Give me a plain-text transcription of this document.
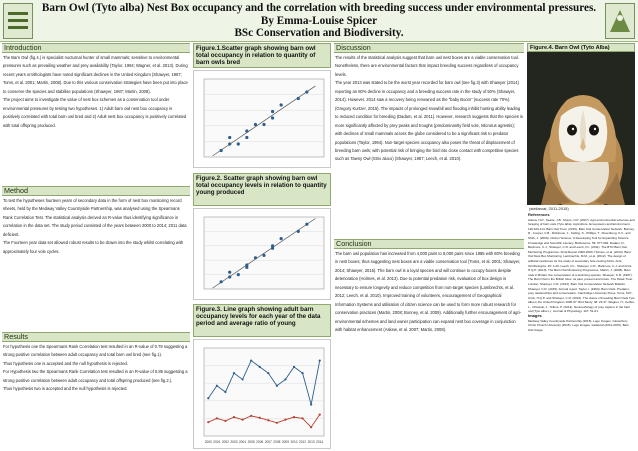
Barn Owl (Tyto alba) Nest Box occupancy and the correlation with breeding success under environmental pressures.
By Emma-Louise Spicer
BSc Conservation and Biodiversity.
Introduction

The Barn Owl (fig.4.) is specialist nocturnal hunter of small mammals; sensitive to environmental pressures such as prevailing weather and prey availability (Taylor, 1994; Wagner, et al. 2013). During recent years ornithologists have noted significant declines in the United Kingdom (Shawyer, 1987; Toms, et al. 2001; Martin, 2008). Due to this various conservation strategies have been put into place to conserve the species and stabilise populations (Shawyer, 1987; Martin, 2008).

The project aims to investigate the value of nest box schemes as a conservation tool under environmental pressures by testing two hypotheses. 1) Adult barn owl nest box occupancy is positively correlated with total barn owl bred and 2) Adult nest box occupancy is positively correlated with total offspring produced.

Method

To test the hypotheses fourteen years of secondary data in the form of nest box monitoring record sheets, held by the Medway Valley Countryside Partnership, was analysed using the Spearmans Rank Correlation Test. The statistical analysis derived an R-value thus identifying significance in correlation in the data set. The study period consisted of the years between 2000 to 2014; 2011 data deficient.

The Fourteen year data set allowed robust results to be drawn into the study whilst correlating with approximately four vole cycles.

Results

For hypothesis one the Spearmans Rank Correlation test resulted in an R-value of 0.79 suggesting a strong positive correlation between adult occupancy and total barn owl bred (see fig.1).

Thus hypothesis one is accepted and the null hypothesis is rejected.

For Hypothesis two the Spearmans Rank Correlation test resulted in an R-value of 0.85 suggesting a strong positive correlation between adult occupancy and total offspring produced (see fig.2.).

Thus hypothesis two is accepted and the null hypothesis is rejected.

Figure.1.Scatter graph showing barn owl total occupancy in relation to quantity of barn owls bred
Figure.2. Scatter graph showing barn owl total occupancy levels in relation to quantity young produced
Figure.3. Line graph showing adult barn occupancy levels for each year of the data period and average ratio of young
2000 2001 2002 2003 2004 2005 2006 2007 2008 2009 2010 2012 2013 2014
Discussion

The results of the statistical analysis suggest that barn owl nest boxes are a viable conservation tool. Nonetheless, there are environmental factors that impact breeding success regardless of occupancy levels.

The year 2013 was stated to be the worst year recorded for barn owl (see fig.3) with Shawyer (2014) reporting an 80% decline in occupancy and a breeding success rate in the study of 50% (Shawyer, 2014). However, 2014 saw a recovery being renowned as the "baby Boom" (success rate 70%). (Gregory Kurtzer, 2015). The impacts of prolonged snowfall and flooding inhibit hunting ability leading to reduced condition for breeding (Dadam, et al. 2011). However, research suggests that the species is more significantly affected by prey peaks and troughs (predominantly field vole, Microtus agrestis); with declines of small mammals across the globe considered to be a significant risk to predator populations (Taylor, 1994). Non-target species occupancy also poses the threat of displacement of breeding barn owls; with potential risk of bringing the bird into close contact with competitive species such as Tawny Owl (Strix aluco) (Shawyer, 1987; Leech, et al. 2010).

Conclusion

The barn owl population has increased from 4,000 pairs to 9,000 pairs since 1985 with 80% breeding in nest boxes; thus suggesting nest boxes are a viable conservation tool (Toms, et al. 2001; Shawyer, 2014; Shawyer, 2015). The barn owl is a loyal species and will continue to occupy boxes despite deterioration (Holmes, et al. 2013). Due to potential predation risk, evaluation of box design is necessary to ensure longevity and reduce competition from non-target species (Lambrechts, et al. 2012; Leech, et al. 2010). Improved training of volunteers, encouragement of Geographical Information Systems and utilisation of citizen science can be used to form more robust research for conservation practices (Martin, 2008; Bonney, et al. 2009). Additionally further encouragement of agri-environmental schemes and land owner participation can expand nest box coverage in conjunction with habitat enhancement (Askew, et al. 2007; Martin, 2008).

Figure.4. Barn Owl (Tyto Alba)
(stellarcat, 2011-2015)
References

Askew, N.P., Searle, J.B., Moore, N.P. (2007). Agri-environmental schemes and foraging of barn owls (Tyto alba). Agriculture, Ecosystems and Environment. 118:109-114. Barn Owl Trust. (2015). Barn Owl Conservation Network. Bonney, R., Cooper, C.B., Dickinson, J., Kelling, S., Phillips, T., Rosenberg, K.V., and Shirk, J. (2009). Citizen Science: A Developing Tool for Expanding Science Knowledge and Scientific Literacy. BioScience. 59: 977-984. Dadam, D., Barimore, C.J., Shawyer, C.R. and Leech, D.I. (2011). The BTO Barn Owl Monitoring Programme: Final Report 2000-2009. Holmes, et al. (2013). Barn Owl Nest Box Monitoring. Lambrechts, M.M., et al. (2012). The design of artificial nestboxes for the study of secondary hole-nesting birds. Acta Ornithologica. 45: 1-26. Leech, D.I., Shawyer, C.R., Barimore, C.J. and Crick, H.Q.P. (2010). The Barn Owl Monitoring Programme. Martin, J. (2008). Barn owls in Britain: the conservation of a declining species. Shawyer, C.R. (1987). The Barn Owl in the British Isles: its past, present and future. The Hawk Trust, London. Shawyer, C.R. (2014). Barn Owl Conservation Network Bulletin. Shawyer, C.R. (2015). Annual report. Taylor, I. (1994). Barn Owls: Predator-prey relationships and conservation. Cambridge University Press. Toms, M.P., Crick, H.Q.P. and Shawyer, C.R. (2001). The status of breeding Barn Owls Tyto alba in the United Kingdom 1995-97. Bird Study. 48: 23-37. Wagner, H., Kettler, L., Orlowski, J., Tellers, P. (2013). Neuroethology of prey capture in the barn owl (Tyto alba L.). Journal of Physiology. 107: 51-61.

Images

Medway Valley Countryside Partnership (2015). Logo Images. Canterbury Christ Church University (2015). Logo Images. stellarcat (2011-2015). Barn Owl image.
